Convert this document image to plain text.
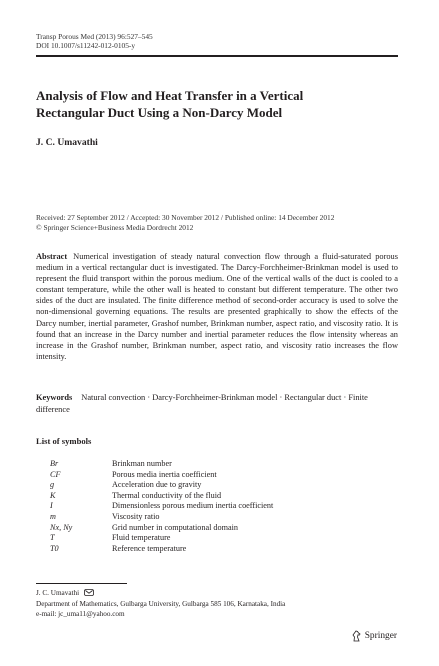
Transp Porous Med (2013) 96:527–545
DOI 10.1007/s11242-012-0105-y
Analysis of Flow and Heat Transfer in a Vertical
Rectangular Duct Using a Non-Darcy Model
J. C. Umavathi
Received: 27 September 2012 / Accepted: 30 November 2012 / Published online: 14 December 2012
© Springer Science+Business Media Dordrecht 2012
Abstract Numerical investigation of steady natural convection flow through a fluid-saturated porous medium in a vertical rectangular duct is investigated. The Darcy-Forchheimer-Brinkman model is used to represent the fluid transport within the porous medium. One of the vertical walls of the duct is cooled to a constant temperature, while the other wall is heated to constant but different temperature. The other two sides of the duct are insulated. The finite difference method of second-order accuracy is used to solve the non-dimensional governing equations. The results are presented graphically to show the effects of the Darcy number, inertial parameter, Grashof number, Brinkman number, aspect ratio, and viscosity ratio. It is found that an increase in the Darcy number and inertial parameter reduces the flow intensity whereas an increase in the Grashof number, Brinkman number, aspect ratio, and viscosity ratio increases the flow intensity.
Keywords Natural convection · Darcy-Forchheimer-Brinkman model · Rectangular duct · Finite difference
List of symbols
Br	Brinkman number
CF	Porous media inertia coefficient
g	Acceleration due to gravity
K	Thermal conductivity of the fluid
I	Dimensionless porous medium inertia coefficient
m	Viscosity ratio
Nx, Ny	Grid number in computational domain
T	Fluid temperature
T0	Reference temperature
J. C. Umavathi
Department of Mathematics, Gulbarga University, Gulbarga 585 106, Karnataka, India
e-mail: jc_uma11@yahoo.com
Springer
